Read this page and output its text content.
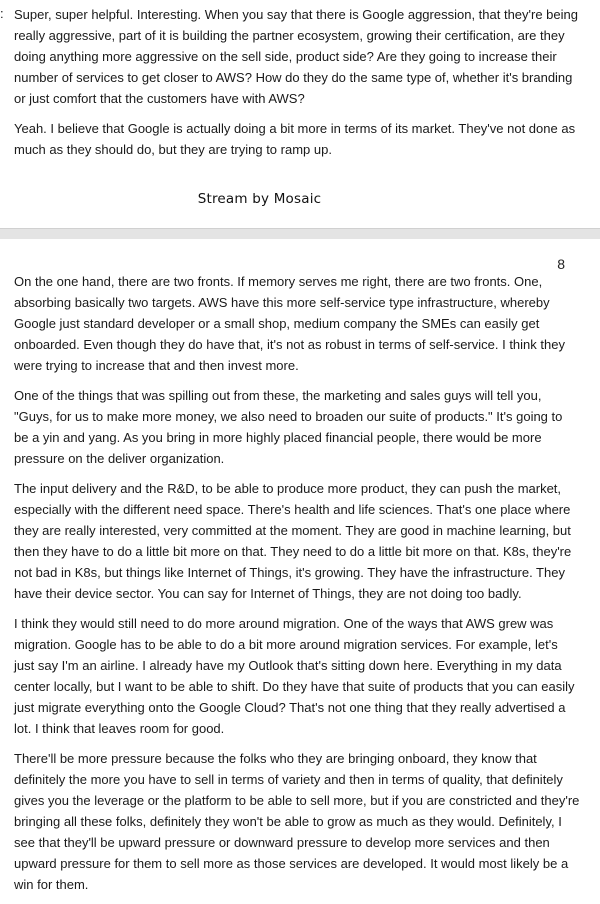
: Super, super helpful. Interesting. When you say that there is Google aggression, that they're being really aggressive, part of it is building the partner ecosystem, growing their certification, are they doing anything more aggressive on the sell side, product side? Are they going to increase their number of services to get closer to AWS? How do they do the same type of, whether it's branding or just comfort that the customers have with AWS?

Yeah. I believe that Google is actually doing a bit more in terms of its market. They've not done as much as they should do, but they are trying to ramp up.

Stream by Mosaic
8

On the one hand, there are two fronts. If memory serves me right, there are two fronts. One, absorbing basically two targets. AWS have this more self-service type infrastructure, whereby Google just standard developer or a small shop, medium company the SMEs can easily get onboarded. Even though they do have that, it's not as robust in terms of self-service. I think they were trying to increase that and then invest more.

One of the things that was spilling out from these, the marketing and sales guys will tell you, "Guys, for us to make more money, we also need to broaden our suite of products." It's going to be a yin and yang. As you bring in more highly placed financial people, there would be more pressure on the deliver organization.

The input delivery and the R&D, to be able to produce more product, they can push the market, especially with the different need space. There's health and life sciences. That's one place where they are really interested, very committed at the moment. They are good in machine learning, but then they have to do a little bit more on that. They need to do a little bit more on that. K8s, they're not bad in K8s, but things like Internet of Things, it's growing. They have the infrastructure. They have their device sector. You can say for Internet of Things, they are not doing too badly.

I think they would still need to do more around migration. One of the ways that AWS grew was migration. Google has to be able to do a bit more around migration services. For example, let's just say I'm an airline. I already have my Outlook that's sitting down here. Everything in my data center locally, but I want to be able to shift. Do they have that suite of products that you can easily just migrate everything onto the Google Cloud? That's not one thing that they really advertised a lot. I think that leaves room for good.

There'll be more pressure because the folks who they are bringing onboard, they know that definitely the more you have to sell in terms of variety and then in terms of quality, that definitely gives you the leverage or the platform to be able to sell more, but if you are constricted and they're bringing all these folks, definitely they won't be able to grow as much as they would. Definitely, I see that they'll be upward pressure or downward pressure to develop more services and then upward pressure for them to sell more as those services are developed. It would most likely be a win for them.
